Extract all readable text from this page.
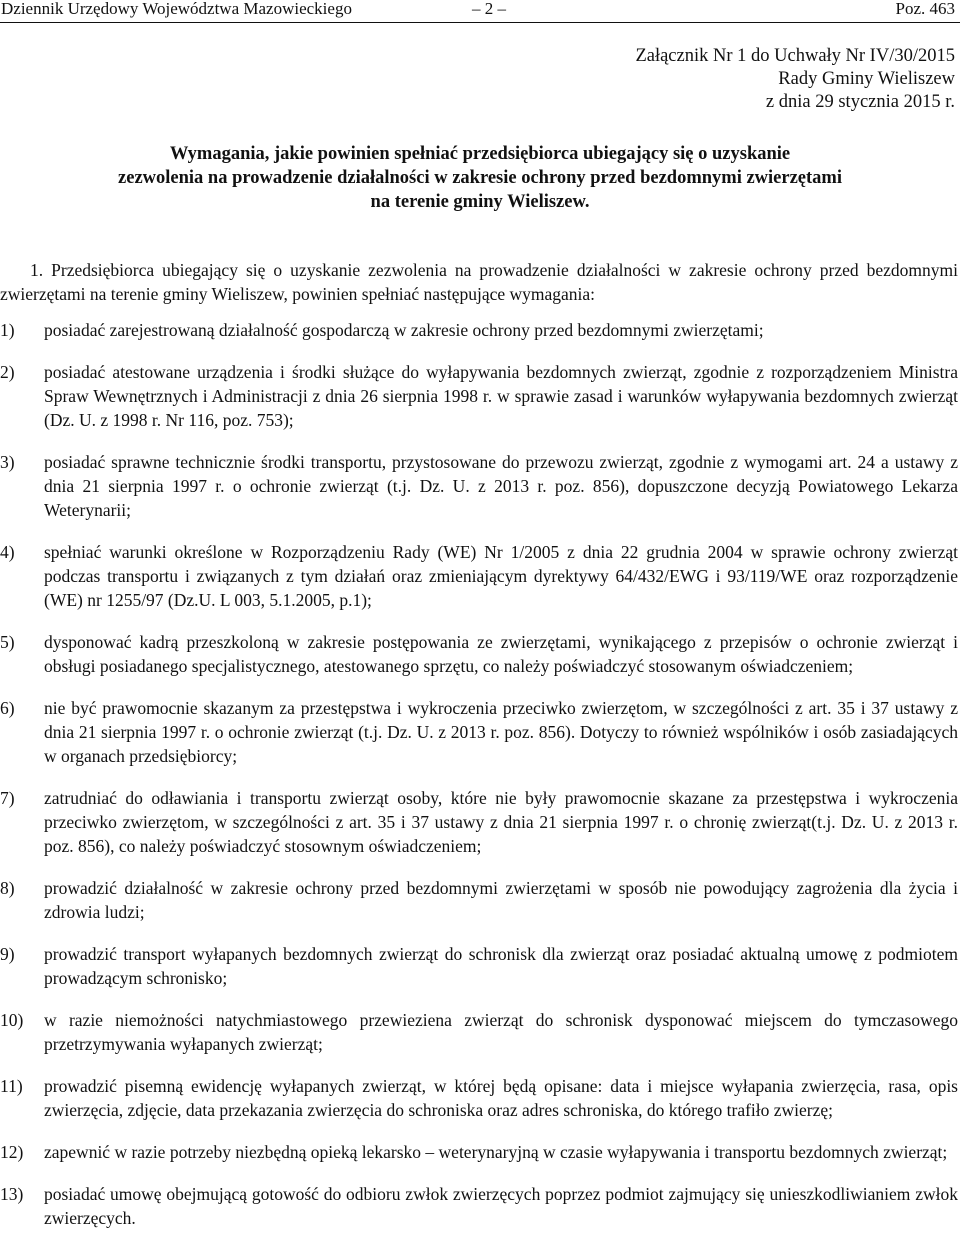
Dziennik Urzędowy Województwa Mazowieckiego	– 2 –	Poz. 463
Załącznik Nr 1 do Uchwały Nr IV/30/2015
Rady Gminy Wieliszew
z dnia 29 stycznia 2015 r.
Wymagania, jakie powinien spełniać przedsiębiorca ubiegający się o uzyskanie
zezwolenia na prowadzenie działalności w zakresie ochrony przed bezdomnymi zwierzętami
na terenie gminy Wieliszew.
1. Przedsiębiorca ubiegający się o uzyskanie zezwolenia na prowadzenie działalności w zakresie ochrony przed bezdomnymi zwierzętami na terenie gminy Wieliszew, powinien spełniać następujące wymagania:
1) posiadać zarejestrowaną działalność gospodarczą w zakresie ochrony przed bezdomnymi zwierzętami;
2) posiadać atestowane urządzenia i środki służące do wyłapywania bezdomnych zwierząt, zgodnie z rozporządzeniem Ministra Spraw Wewnętrznych i Administracji z dnia 26 sierpnia 1998 r. w sprawie zasad i warunków wyłapywania bezdomnych zwierząt (Dz. U. z 1998 r. Nr 116, poz. 753);
3) posiadać sprawne technicznie środki transportu, przystosowane do przewozu zwierząt, zgodnie z wymogami art. 24 a ustawy z dnia 21 sierpnia 1997 r. o ochronie zwierząt (t.j. Dz. U. z 2013 r. poz. 856), dopuszczone decyzją Powiatowego Lekarza Weterynarii;
4) spełniać warunki określone w Rozporządzeniu Rady (WE) Nr 1/2005 z dnia 22 grudnia 2004 w sprawie ochrony zwierząt podczas transportu i związanych z tym działań oraz zmieniającym dyrektywy 64/432/EWG i 93/119/WE oraz rozporządzenie (WE) nr 1255/97 (Dz.U. L 003, 5.1.2005, p.1);
5) dysponować kadrą przeszkoloną w zakresie postępowania ze zwierzętami, wynikającego z przepisów o ochronie zwierząt i obsługi posiadanego specjalistycznego, atestowanego sprzętu, co należy poświadczyć stosowanym oświadczeniem;
6) nie być prawomocnie skazanym za przestępstwa i wykroczenia przeciwko zwierzętom, w szczególności z art. 35 i 37 ustawy z dnia 21 sierpnia 1997 r. o ochronie zwierząt (t.j. Dz. U. z 2013 r. poz. 856). Dotyczy to również wspólników i osób zasiadających w organach przedsiębiorcy;
7) zatrudniać do odławiania i transportu zwierząt osoby, które nie były prawomocnie skazane za przestępstwa i wykroczenia przeciwko zwierzętom, w szczególności z art. 35 i 37 ustawy z dnia 21 sierpnia 1997 r. o chronię zwierząt(t.j. Dz. U. z 2013 r. poz. 856), co należy poświadczyć stosownym oświadczeniem;
8) prowadzić działalność w zakresie ochrony przed bezdomnymi zwierzętami w sposób nie powodujący zagrożenia dla życia i zdrowia ludzi;
9) prowadzić transport wyłapanych bezdomnych zwierząt do schronisk dla zwierząt oraz posiadać aktualną umowę z podmiotem prowadzącym schronisko;
10) w razie niemożności natychmiastowego przewieziena zwierząt do schronisk dysponować miejscem do tymczasowego przetrzymywania wyłapanych zwierząt;
11) prowadzić pisemną ewidencję wyłapanych zwierząt, w której będą opisane: data i miejsce wyłapania zwierzęcia, rasa, opis zwierzęcia, zdjęcie, data przekazania zwierzęcia do schroniska oraz adres schroniska, do którego trafiło zwierzę;
12) zapewnić w razie potrzeby niezbędną opieką lekarsko – weterynaryjną w czasie wyłapywania i transportu bezdomnych zwierząt;
13) posiadać umowę obejmującą gotowość do odbioru zwłok zwierzęcych poprzez podmiot zajmujący się unieszkodliwianiem zwłok zwierzęcych.
